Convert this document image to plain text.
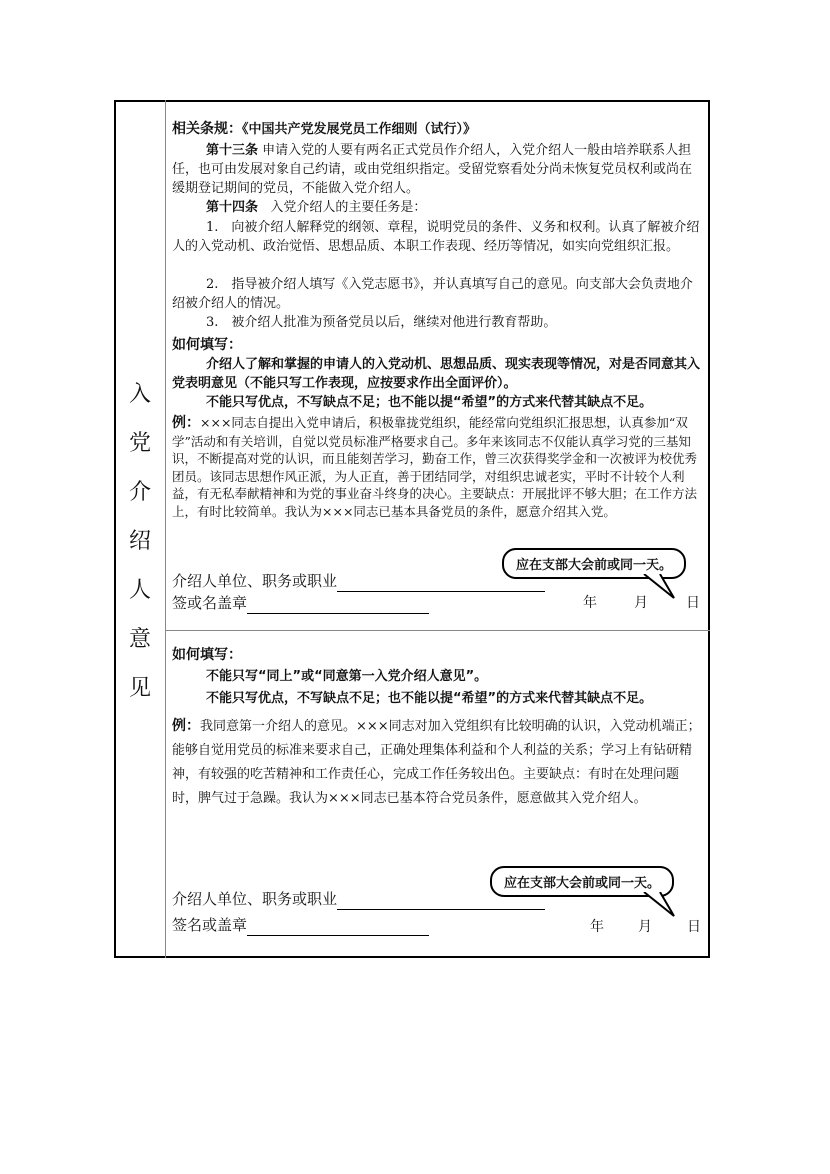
入
党
介
绍
人
意
见

相关条规：《中国共产党发展党员工作细则（试行）》

第十三条 申请入党的人要有两名正式党员作介绍人，入党介绍人一般由培养联系人担任，也可由发展对象自己约请，或由党组织指定。受留党察看处分尚未恢复党员权利或尚在缓期登记期间的党员，不能做入党介绍人。

第十四条 入党介绍人的主要任务是：

1.　向被介绍人解释党的纲领、章程，说明党员的条件、义务和权利。认真了解被介绍人的入党动机、政治觉悟、思想品质、本职工作表现、经历等情况，如实向党组织汇报。

2.　指导被介绍人填写《入党志愿书》，并认真填写自己的意见。向支部大会负责地介绍被介绍人的情况。

3.　被介绍人批准为预备党员以后，继续对他进行教育帮助。

如何填写：

介绍人了解和掌握的申请人的入党动机、思想品质、现实表现等情况，对是否同意其入党表明意见（不能只写工作表现，应按要求作出全面评价）。

不能只写优点，不写缺点不足；也不能以提“希望”的方式来代替其缺点不足。

例：×××同志自提出入党申请后，积极靠拢党组织，能经常向党组织汇报思想，认真参加“双学”活动和有关培训，自觉以党员标准严格要求自己。多年来该同志不仅能认真学习党的三基知识，不断提高对党的认识，而且能刻苦学习，勤奋工作，曾三次获得奖学金和一次被评为校优秀团员。该同志思想作风正派，为人正直，善于团结同学，对组织忠诚老实，平时不计较个人利益，有无私奉献精神和为党的事业奋斗终身的决心。主要缺点：开展批评不够大胆；在工作方法上，有时比较简单。我认为×××同志已基本具备党员的条件，愿意介绍其入党。

应在支部大会前或同一天。
介绍人单位、职务或职业
签或名盖章	年	月	日

如何填写：

不能只写“同上”或“同意第一入党介绍人意见”。

不能只写优点，不写缺点不足；也不能以提“希望”的方式来代替其缺点不足。

例：我同意第一介绍人的意见。×××同志对加入党组织有比较明确的认识，入党动机端正；能够自觉用党员的标准来要求自己，正确处理集体利益和个人利益的关系；学习上有钻研精神，有较强的吃苦精神和工作责任心，完成工作任务较出色。主要缺点：有时在处理问题时，脾气过于急躁。我认为×××同志已基本符合党员条件，愿意做其入党介绍人。

应在支部大会前或同一天。
介绍人单位、职务或职业
签名或盖章	年 月	日
